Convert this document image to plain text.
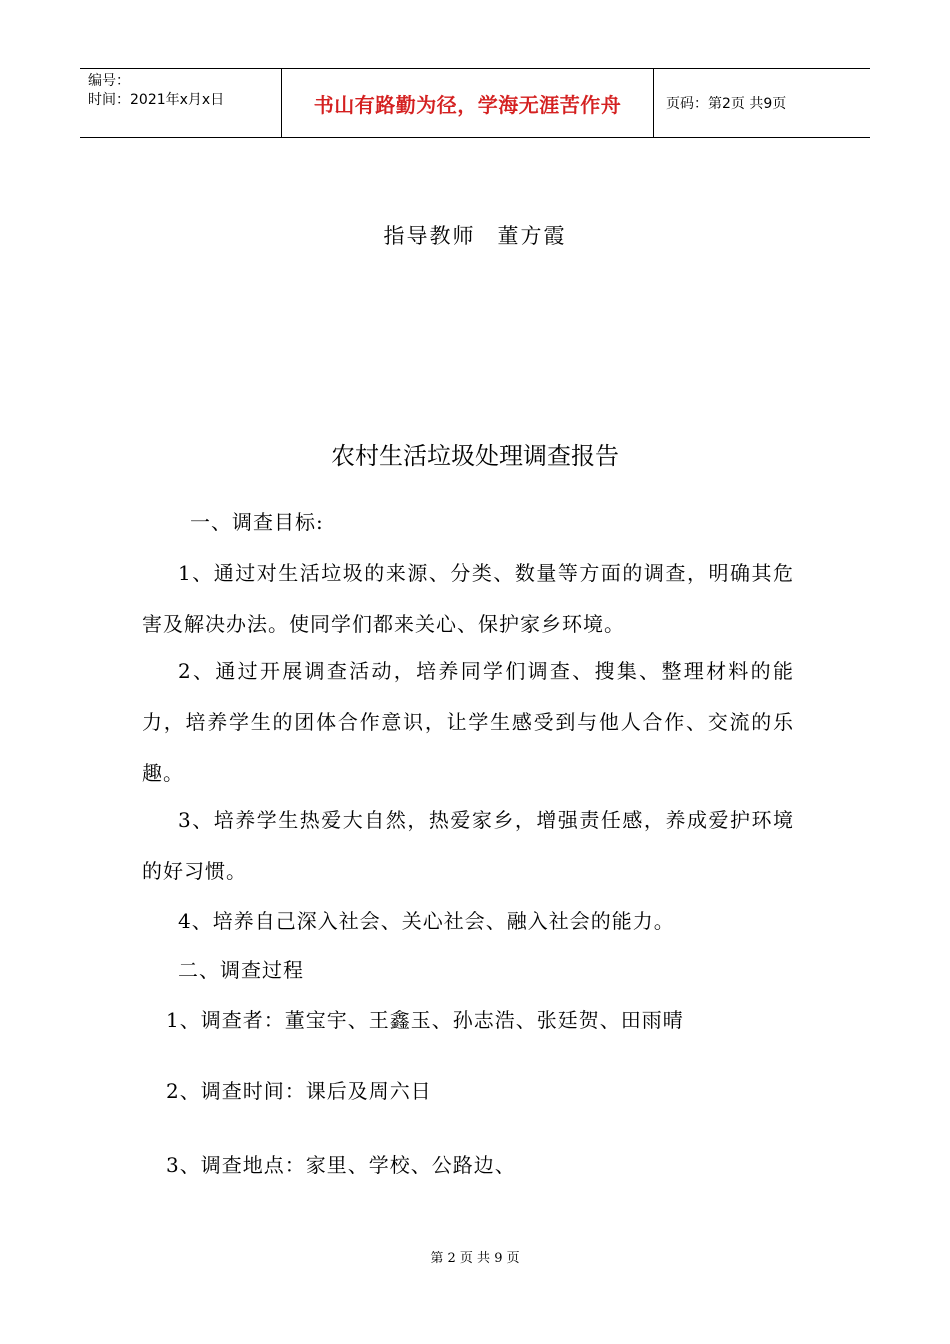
编号：
时间：2021年x月x日	书山有路勤为径，学海无涯苦作舟	页码：第2页 共9页
指导教师 董方霞
农村生活垃圾处理调查报告

一、调查目标:

1、通过对生活垃圾的来源、分类、数量等方面的调查，明确其危害及解决办法。使同学们都来关心、保护家乡环境。

2、通过开展调查活动，培养同学们调查、搜集、整理材料的能力，培养学生的团体合作意识，让学生感受到与他人合作、交流的乐趣。

3、培养学生热爱大自然，热爱家乡，增强责任感，养成爱护环境的好习惯。

4、培养自己深入社会、关心社会、融入社会的能力。

二、调查过程

1、调查者：董宝宇、王鑫玉、孙志浩、张廷贺、田雨晴

2、调查时间：课后及周六日

3、调查地点：家里、学校、公路边、

第 2 页 共 9 页
